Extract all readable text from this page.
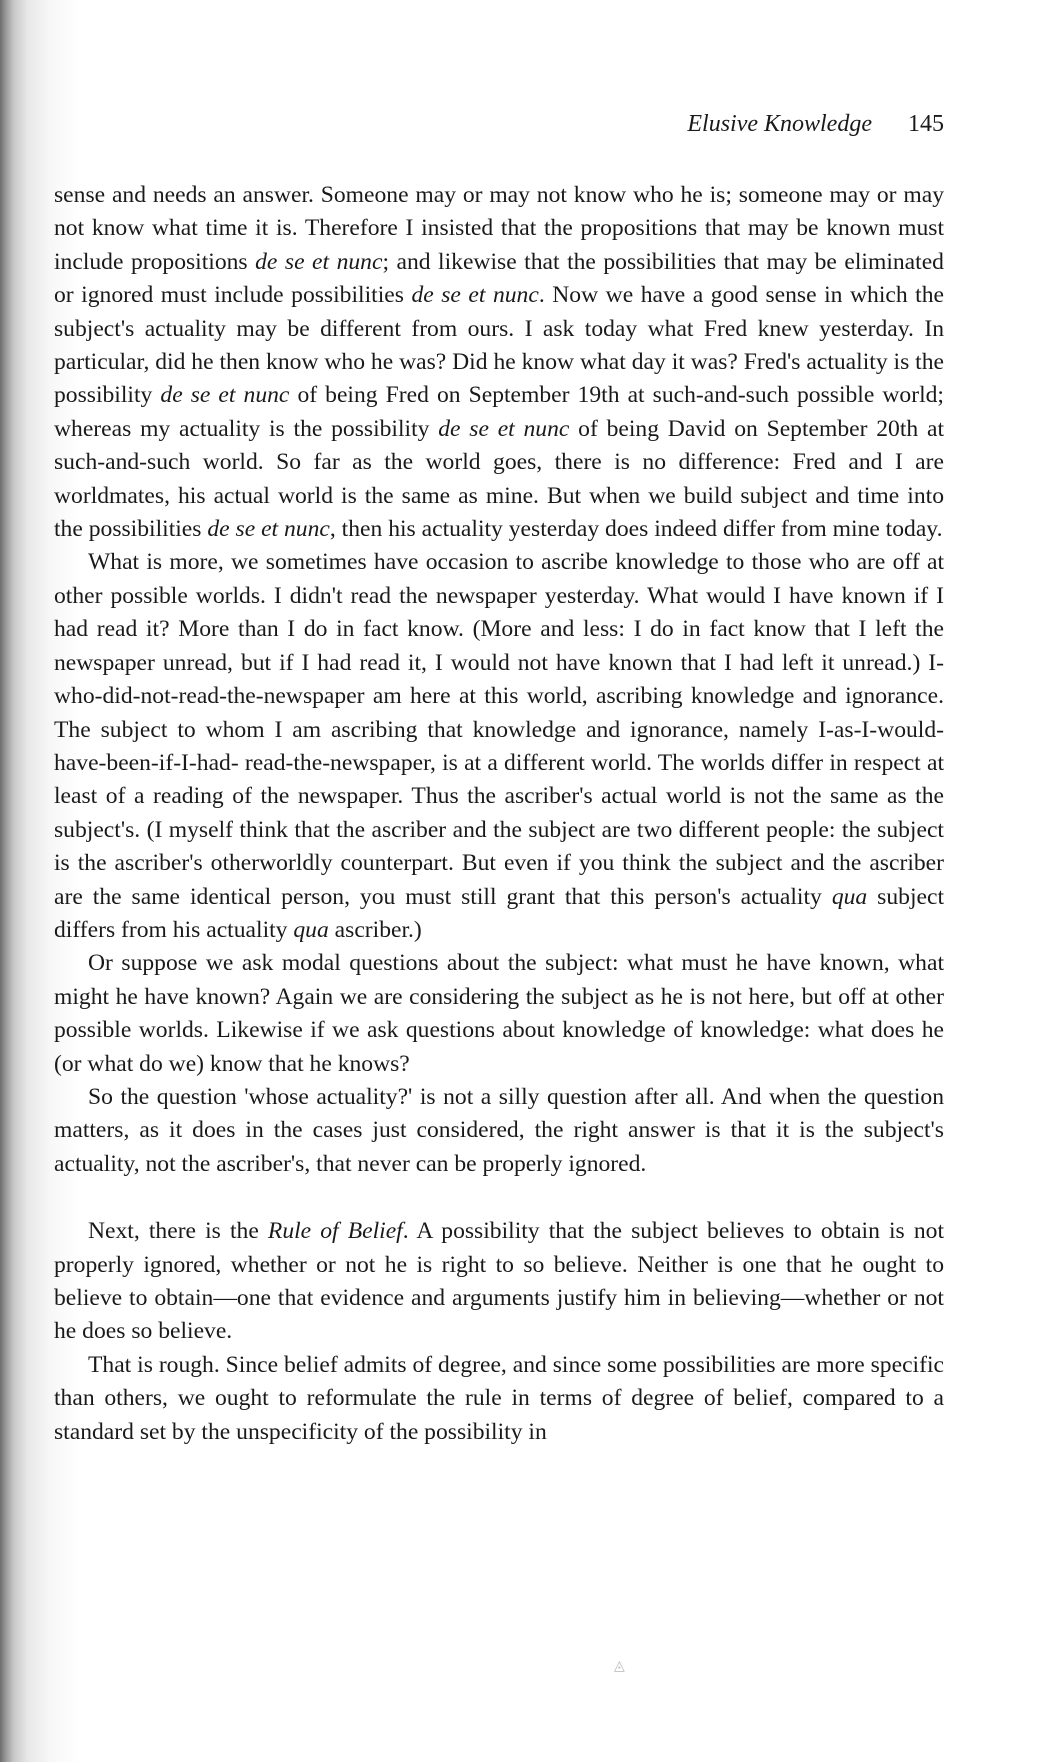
Elusive Knowledge 145

sense and needs an answer. Someone may or may not know who he is; someone may or may not know what time it is. Therefore I insisted that the propositions that may be known must include propositions de se et nunc; and likewise that the possibilities that may be eliminated or ignored must include possibilities de se et nunc. Now we have a good sense in which the subject's actuality may be different from ours. I ask today what Fred knew yesterday. In particular, did he then know who he was? Did he know what day it was? Fred's actuality is the possibility de se et nunc of being Fred on September 19th at such-and-such possible world; whereas my actuality is the possibility de se et nunc of being David on September 20th at such-and-such world. So far as the world goes, there is no difference: Fred and I are worldmates, his actual world is the same as mine. But when we build subject and time into the possibilities de se et nunc, then his actuality yesterday does indeed differ from mine today.

What is more, we sometimes have occasion to ascribe knowledge to those who are off at other possible worlds. I didn't read the newspaper yesterday. What would I have known if I had read it? More than I do in fact know. (More and less: I do in fact know that I left the newspaper unread, but if I had read it, I would not have known that I had left it unread.) I-who-did-not-read-the-newspaper am here at this world, ascribing knowledge and ignorance. The subject to whom I am ascribing that knowledge and ignorance, namely I-as-I-would-have-been-if-I-had- read-the-newspaper, is at a different world. The worlds differ in respect at least of a reading of the newspaper. Thus the ascriber's actual world is not the same as the subject's. (I myself think that the ascriber and the subject are two different people: the subject is the ascriber's otherworldly counterpart. But even if you think the subject and the ascriber are the same identical person, you must still grant that this person's actuality qua subject differs from his actuality qua ascriber.)

Or suppose we ask modal questions about the subject: what must he have known, what might he have known? Again we are considering the subject as he is not here, but off at other possible worlds. Likewise if we ask questions about knowledge of knowledge: what does he (or what do we) know that he knows?

So the question 'whose actuality?' is not a silly question after all. And when the question matters, as it does in the cases just considered, the right answer is that it is the subject's actuality, not the ascriber's, that never can be properly ignored.

Next, there is the Rule of Belief. A possibility that the subject believes to obtain is not properly ignored, whether or not he is right to so believe. Neither is one that he ought to believe to obtain—one that evidence and arguments justify him in believing—whether or not he does so believe.

That is rough. Since belief admits of degree, and since some possibilities are more specific than others, we ought to reformulate the rule in terms of degree of belief, compared to a standard set by the unspecificity of the possibility in

◬
